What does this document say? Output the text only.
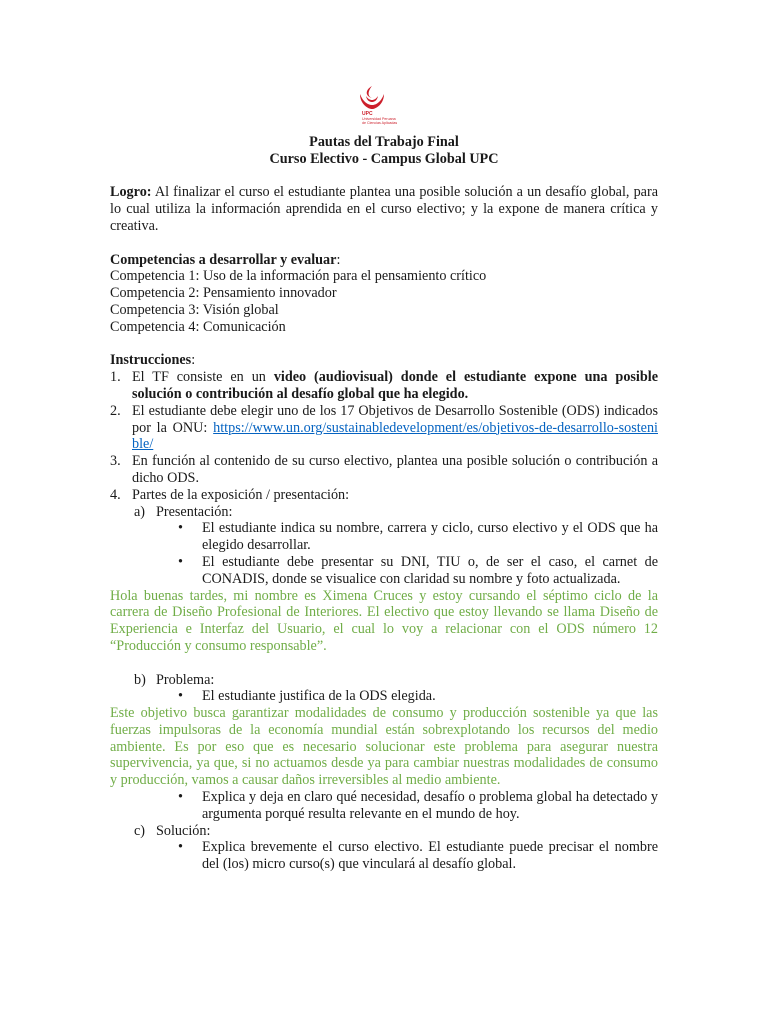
UPC
Universidad Peruana
de Ciencias Aplicadas

Pautas del Trabajo Final

Curso Electivo - Campus Global UPC

Logro: Al finalizar el curso el estudiante plantea una posible solución a un desafío global, para lo cual utiliza la información aprendida en el curso electivo; y la expone de manera crítica y creativa.

Competencias a desarrollar y evaluar:

Competencia 1: Uso de la información para el pensamiento crítico

Competencia 2: Pensamiento innovador

Competencia 3: Visión global

Competencia 4: Comunicación

Instrucciones:

1. El TF consiste en un video (audiovisual) donde el estudiante expone una posible solución o contribución al desafío global que ha elegido.
2. El estudiante debe elegir uno de los 17 Objetivos de Desarrollo Sostenible (ODS) indicados por la ONU: https://www.un.org/sustainabledevelopment/es/objetivos-de-desarrollo-sostenible/
3. En función al contenido de su curso electivo, plantea una posible solución o contribución a dicho ODS.
4. Partes de la exposición / presentación:
a) Presentación:
• El estudiante indica su nombre, carrera y ciclo, curso electivo y el ODS que ha elegido desarrollar.
• El estudiante debe presentar su DNI, TIU o, de ser el caso, el carnet de CONADIS, donde se visualice con claridad su nombre y foto actualizada.

Hola buenas tardes, mi nombre es Ximena Cruces y estoy cursando el séptimo ciclo de la carrera de Diseño Profesional de Interiores. El electivo que estoy llevando se llama Diseño de Experiencia e Interfaz del Usuario, el cual lo voy a relacionar con el ODS número 12 “Producción y consumo responsable”.

b) Problema:
• El estudiante justifica de la ODS elegida.

Este objetivo busca garantizar modalidades de consumo y producción sostenible ya que las fuerzas impulsoras de la economía mundial están sobrexplotando los recursos del medio ambiente. Es por eso que es necesario solucionar este problema para asegurar nuestra supervivencia, ya que, si no actuamos desde ya para cambiar nuestras modalidades de consumo y producción, vamos a causar daños irreversibles al medio ambiente.

• Explica y deja en claro qué necesidad, desafío o problema global ha detectado y argumenta porqué resulta relevante en el mundo de hoy.
c) Solución:
• Explica brevemente el curso electivo. El estudiante puede precisar el nombre del (los) micro curso(s) que vinculará al desafío global.
